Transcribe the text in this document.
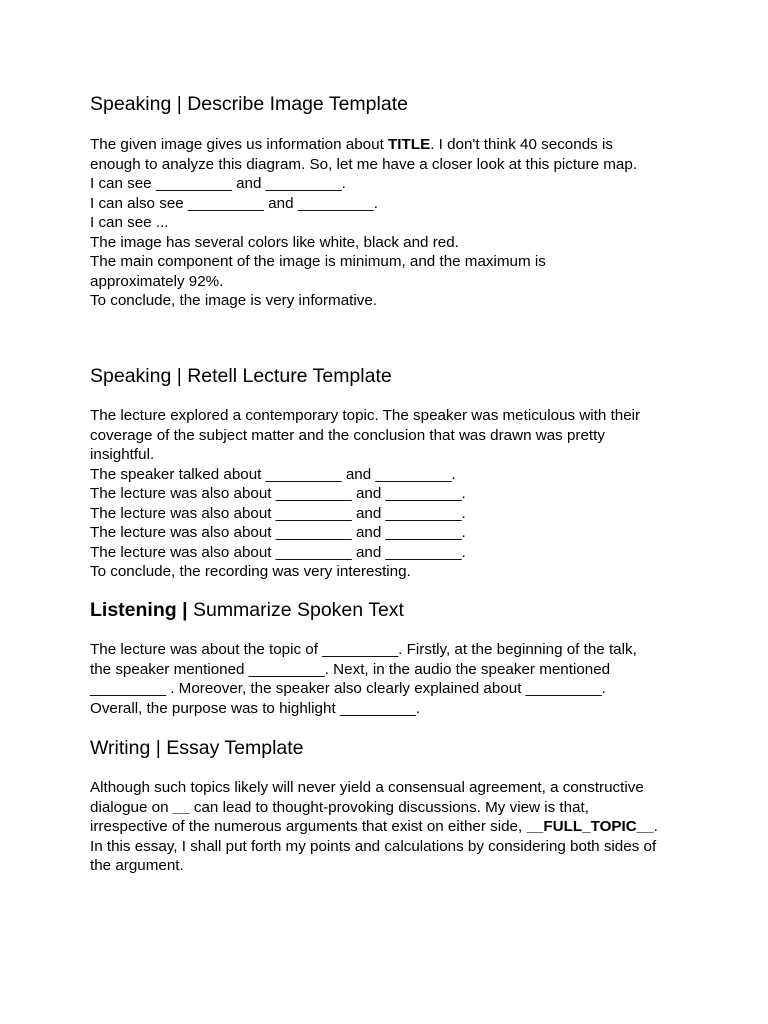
Speaking | Describe Image Template
The given image gives us information about TITLE. I don't think 40 seconds is enough to analyze this diagram. So, let me have a closer look at this picture map.
I can see _________ and _________.
I can also see _________ and _________.
I can see ...
The image has several colors like white, black and red.
The main component of the image is minimum, and the maximum is approximately 92%.
To conclude, the image is very informative.
Speaking | Retell Lecture Template
The lecture explored a contemporary topic. The speaker was meticulous with their coverage of the subject matter and the conclusion that was drawn was pretty insightful.
The speaker talked about _________ and _________.
The lecture was also about _________ and _________.
The lecture was also about _________ and _________.
The lecture was also about _________ and _________.
The lecture was also about _________ and _________.
To conclude, the recording was very interesting.
Listening | Summarize Spoken Text
The lecture was about the topic of _________. Firstly, at the beginning of the talk, the speaker mentioned _________. Next, in the audio the speaker mentioned _________ . Moreover, the speaker also clearly explained about _________. Overall, the purpose was to highlight _________.
Writing | Essay Template
Although such topics likely will never yield a consensual agreement, a constructive dialogue on __ can lead to thought-provoking discussions. My view is that, irrespective of the numerous arguments that exist on either side, __FULL_TOPIC__. In this essay, I shall put forth my points and calculations by considering both sides of the argument.
